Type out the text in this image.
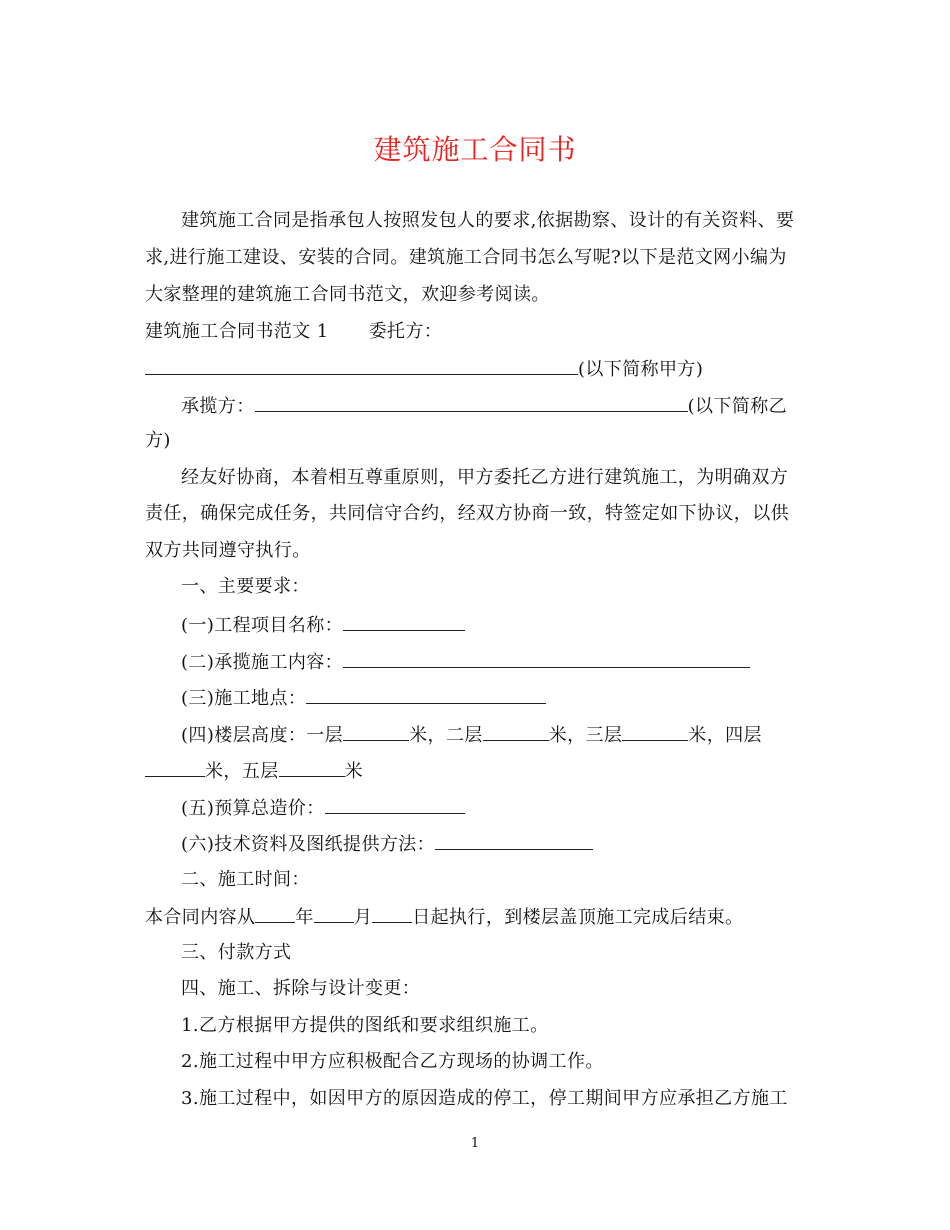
建筑施工合同书
建筑施工合同是指承包人按照发包人的要求,依据勘察、设计的有关资料、要
求,进行施工建设、安装的合同。建筑施工合同书怎么写呢?以下是范文网小编为
大家整理的建筑施工合同书范文，欢迎参考阅读。
建筑施工合同书范文 1 委托方：
(以下简称甲方)
承揽方：	(以下简称乙
方)
经友好协商，本着相互尊重原则，甲方委托乙方进行建筑施工，为明确双方
责任，确保完成任务，共同信守合约，经双方协商一致，特签定如下协议，以供
双方共同遵守执行。
一、主要要求：
(一)工程项目名称：
(二)承揽施工内容：
(三)施工地点：
(四)楼层高度：一层	米，二层	米，三层	米，四层
米，五层	米
(五)预算总造价：
(六)技术资料及图纸提供方法：
二、施工时间：
本合同内容从 年 月 日起执行，到楼层盖顶施工完成后结束。
三、付款方式
四、施工、拆除与设计变更：
1.乙方根据甲方提供的图纸和要求组织施工。
2.施工过程中甲方应积极配合乙方现场的协调工作。
3.施工过程中，如因甲方的原因造成的停工，停工期间甲方应承担乙方施工
1
